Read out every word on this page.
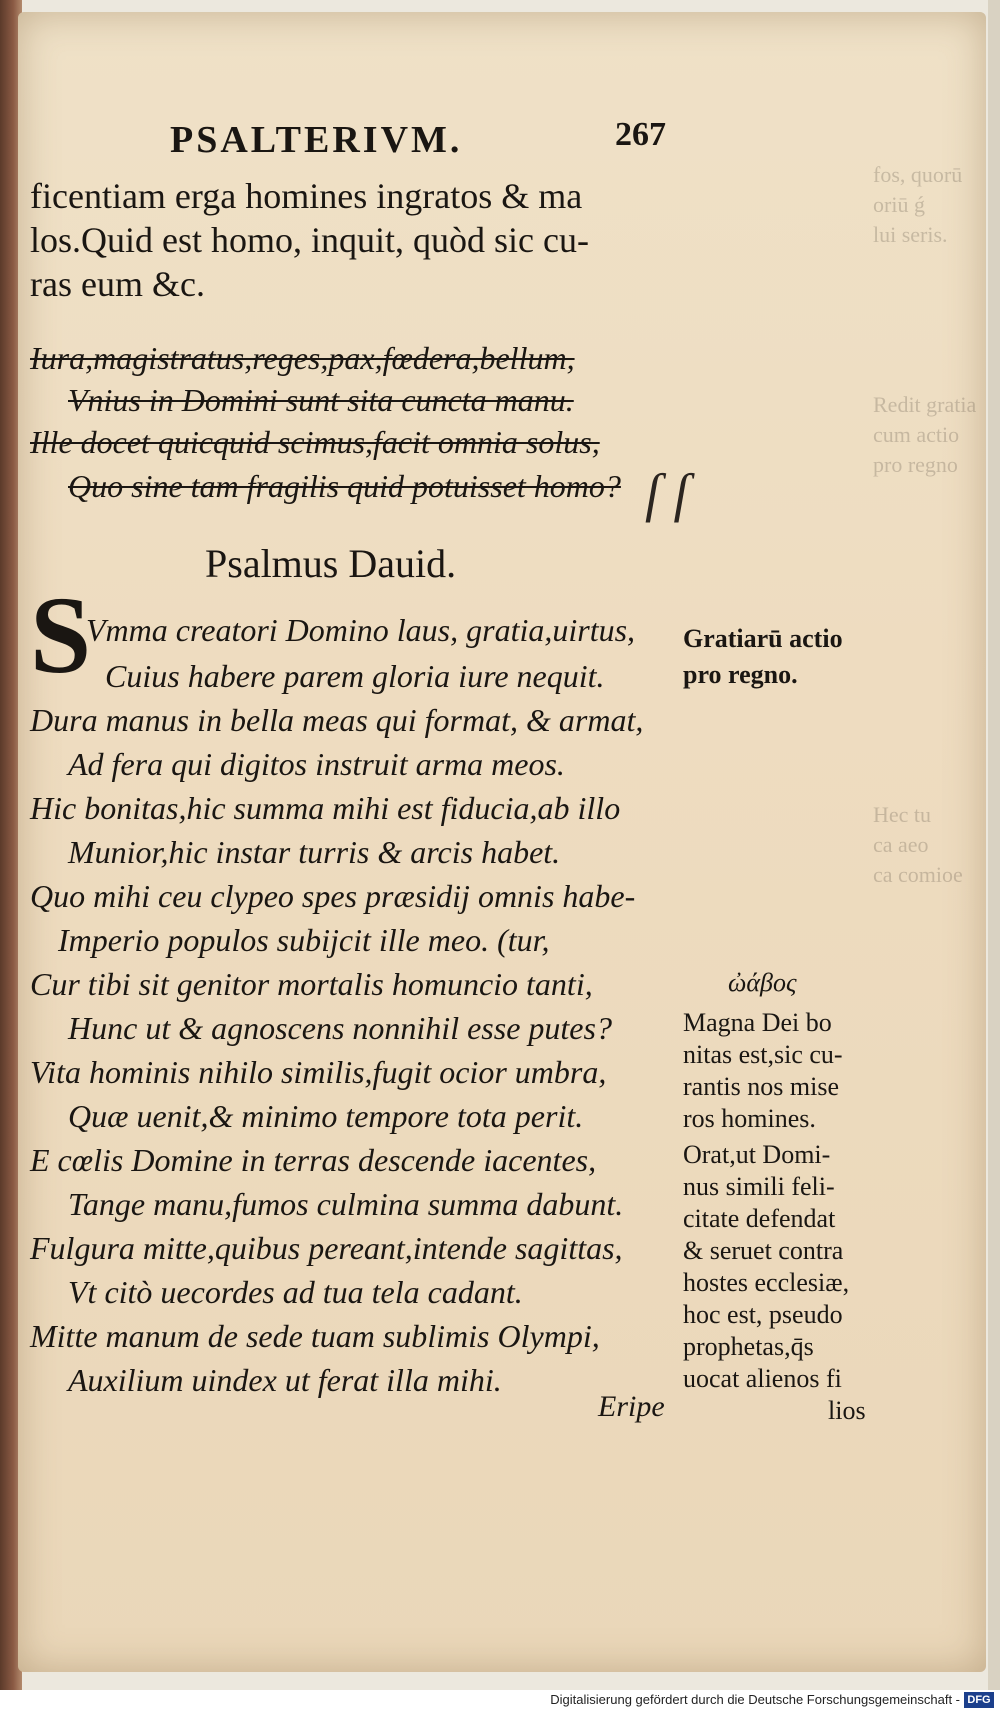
fos, quorū
oriū ǵ
lui seris.
Redit gratia
cum actio
pro regno
Hec tu
ca aeo
ca comioe
PSALTERIVM.	267
ficentiam erga homines ingratos & ma
los.Quid est homo, inquit, quòd sic cu-
ras eum &c.
Iura,magistratus,reges,pax,fœdera,bellum,
Vnius in Domini sunt sita cuncta manu.
Ille docet quicquid scimus,facit omnia solus,
Quo sine tam fragilis quid potuisset homo? ſ ſ
Psalmus Dauid.
S
Vmma creatori Domino laus, gratia,uirtus,
Cuius habere parem gloria iure nequit.
Dura manus in bella meas qui format, & armat,
Ad fera qui digitos instruit arma meos.
Hic bonitas,hic summa mihi est fiducia,ab illo
Munior,hic instar turris & arcis habet.
Quo mihi ceu clypeo spes præsidij omnis habe-
Imperio populos subijcit ille meo. (tur,
Cur tibi sit genitor mortalis homuncio tanti,
Hunc ut & agnoscens nonnihil esse putes?
Vita hominis nihilo similis,fugit ocior umbra,
Quæ uenit,& minimo tempore tota perit.
E cœlis Domine in terras descende iacentes,
Tange manu,fumos culmina summa dabunt.
Fulgura mitte,quibus pereant,intende sagittas,
Vt citò uecordes ad tua tela cadant.
Mitte manum de sede tuam sublimis Olympi,
Auxilium uindex ut ferat illa mihi.
Gratiarū actio
pro regno.
ὠάβος
Magna Dei bo
nitas est,sic cu-
rantis nos mise
ros homines.
Orat,ut Domi-
nus simili feli-
citate defendat
& seruet contra
hostes ecclesiæ,
hoc est, pseudo
prophetas,q̄s
uocat alienos fi
lios
Eripe
Digitalisierung gefördert durch die Deutsche Forschungsgemeinschaft - DFG
